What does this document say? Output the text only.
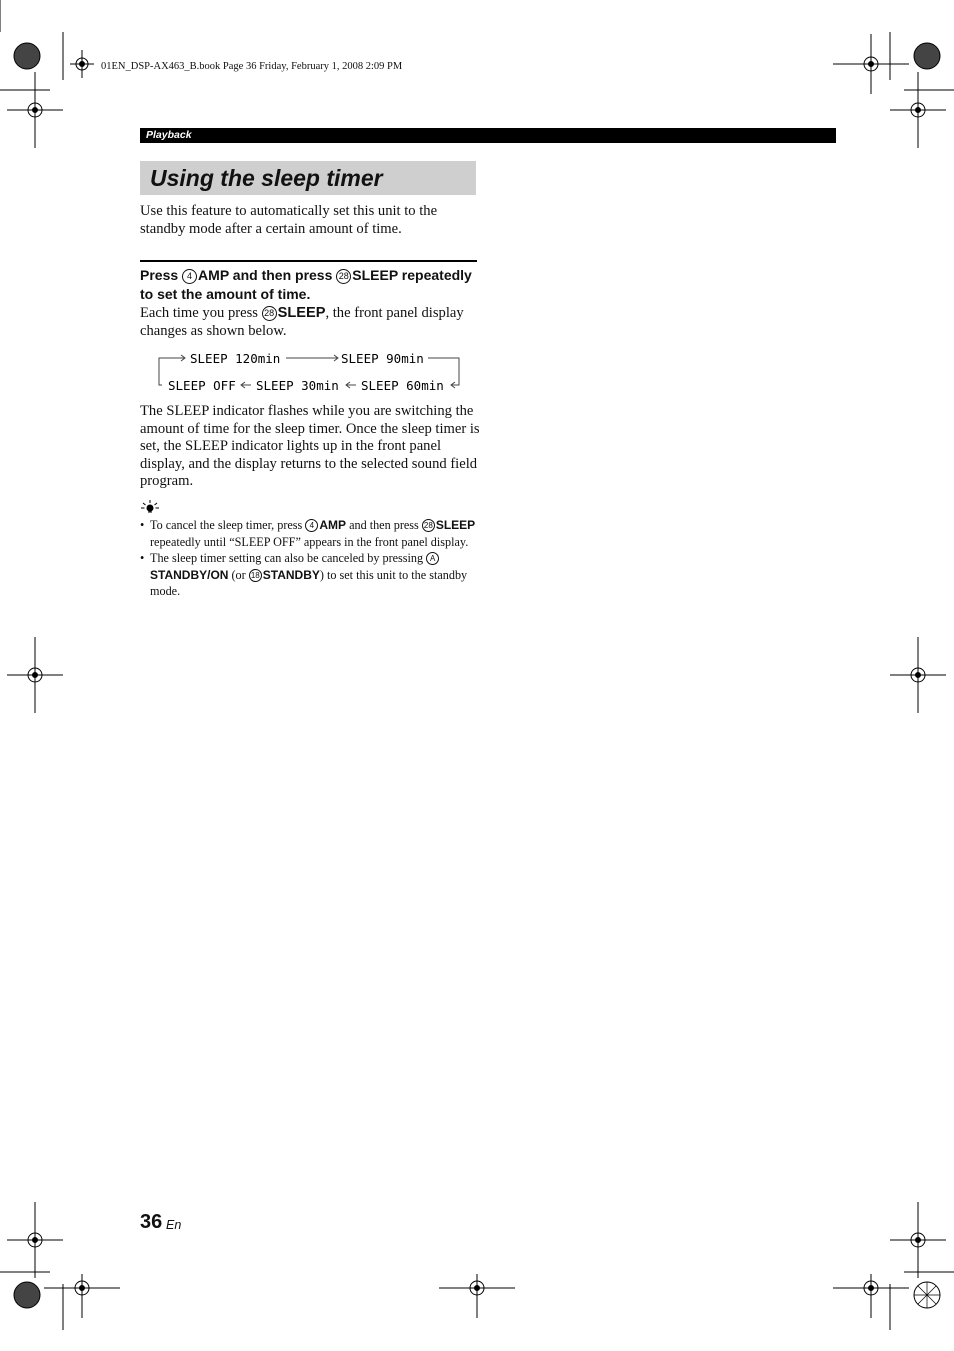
01EN_DSP-AX463_B.book Page 36 Friday, February 1, 2008 2:09 PM
Playback
Using the sleep timer
Use this feature to automatically set this unit to the standby mode after a certain amount of time.
Press 4 AMP and then press 28 SLEEP repeatedly to set the amount of time.
Each time you press 28 SLEEP, the front panel display changes as shown below.
SLEEP 120min	SLEEP 90min
SLEEP OFF SLEEP 30min SLEEP 60min
The SLEEP indicator flashes while you are switching the amount of time for the sleep timer. Once the sleep timer is set, the SLEEP indicator lights up in the front panel display, and the display returns to the selected sound field program.
• To cancel the sleep timer, press 4 AMP and then press 28 SLEEP repeatedly until “SLEEP OFF” appears in the front panel display.
• The sleep timer setting can also be canceled by pressing ASTANDBY/ON (or 18 STANDBY) to set this unit to the standby mode.
36 En
